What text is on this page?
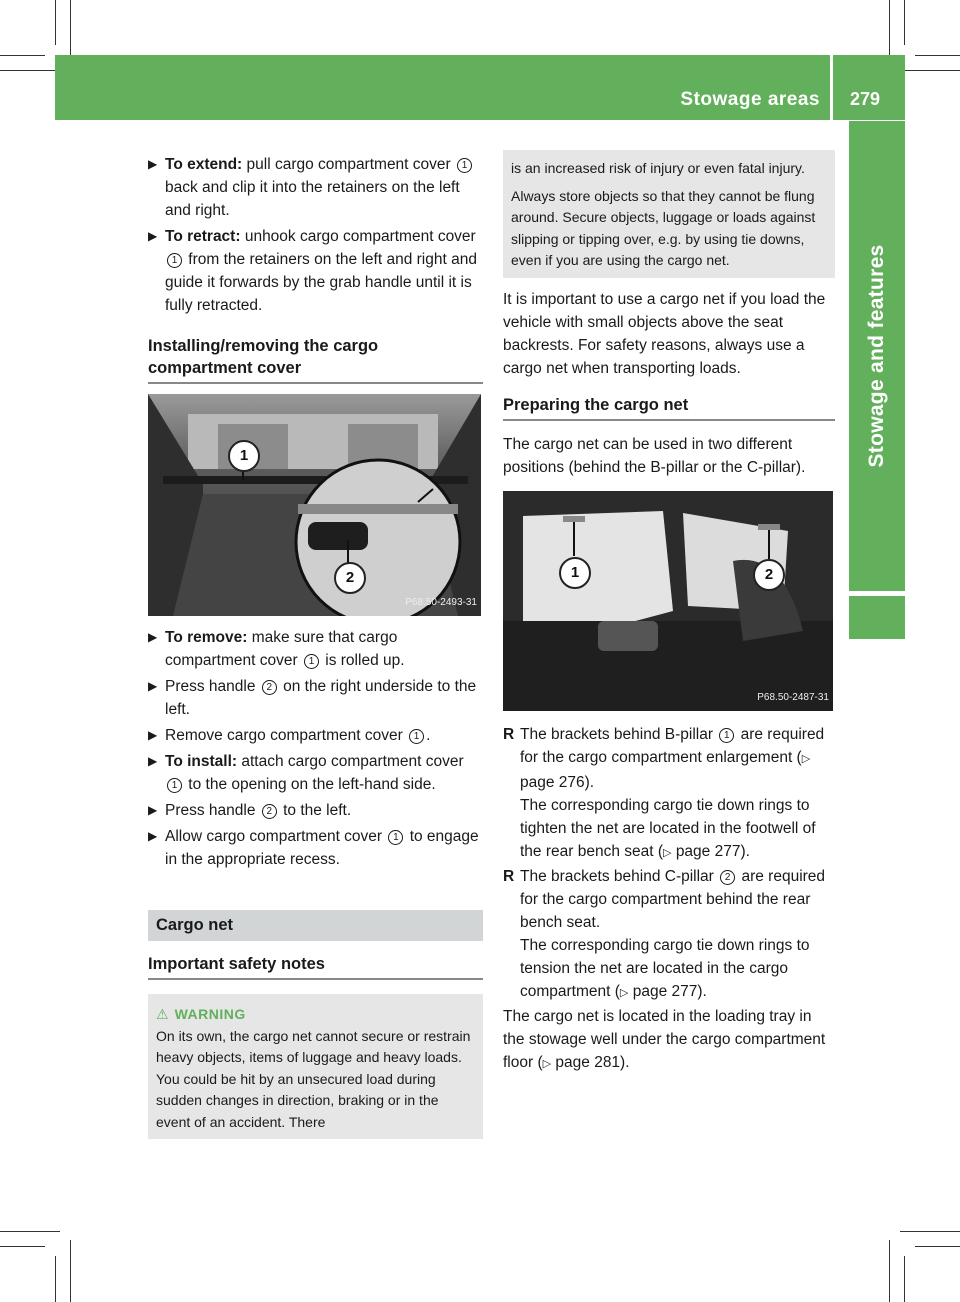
Stowage areas 279
Stowage and features
▶ To extend: pull cargo compartment cover 1 back and clip it into the retainers on the left and right.
▶ To retract: unhook cargo compartment cover 1 from the retainers on the left and right and guide it forwards by the grab handle until it is fully retracted.
Installing/removing the cargo compartment cover
1
2
P68.50-2493-31
▶ To remove: make sure that cargo compartment cover 1 is rolled up.
▶ Press handle 2 on the right underside to the left.
▶ Remove cargo compartment cover 1 .
▶ To install: attach cargo compartment cover 1 to the opening on the left-hand side.
▶ Press handle 2 to the left.
▶ Allow cargo compartment cover 1 to engage in the appropriate recess.
Cargo net
Important safety notes
⚠ WARNING
On its own, the cargo net cannot secure or restrain heavy objects, items of luggage and heavy loads. You could be hit by an unsecured load during sudden changes in direction, braking or in the event of an accident. There
is an increased risk of injury or even fatal injury.
Always store objects so that they cannot be flung around. Secure objects, luggage or loads against slipping or tipping over, e.g. by using tie downs, even if you are using the cargo net.
It is important to use a cargo net if you load the vehicle with small objects above the seat backrests. For safety reasons, always use a cargo net when transporting loads.
Preparing the cargo net
The cargo net can be used in two different positions (behind the B-pillar or the C-pillar).
1	2
P68.50-2487-31
R The brackets behind B-pillar 1 are required for the cargo compartment enlargement (▷ page 276).
The corresponding cargo tie down rings to tighten the net are located in the footwell of the rear bench seat (▷ page 277).
R The brackets behind C-pillar 2 are required for the cargo compartment behind the rear bench seat.
The corresponding cargo tie down rings to tension the net are located in the cargo compartment (▷ page 277).
The cargo net is located in the loading tray in the stowage well under the cargo compartment floor (▷ page 281).
